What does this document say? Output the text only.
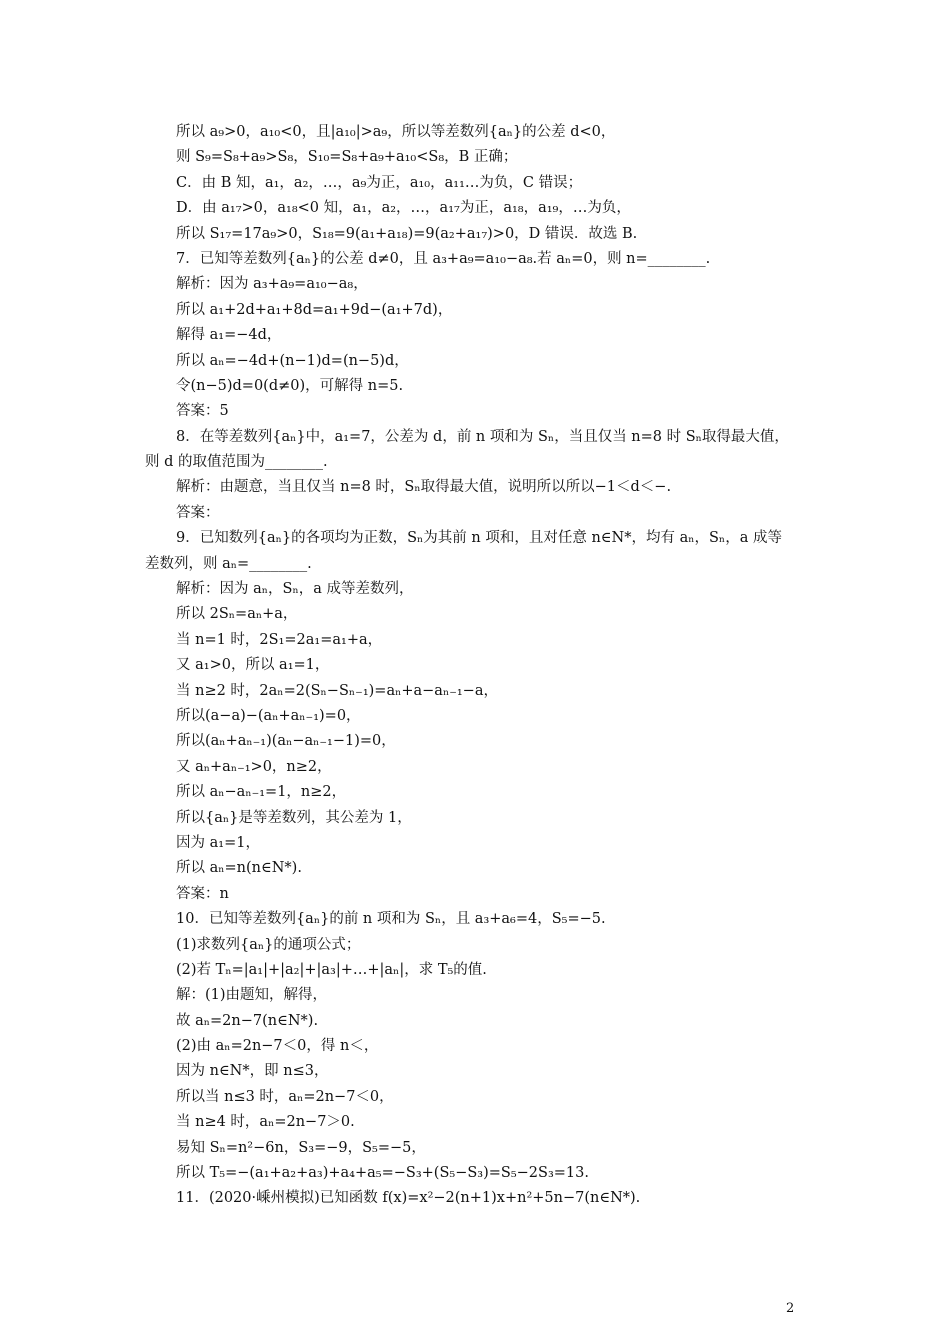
所以 a₉>0，a₁₀<0，且|a₁₀|>a₉，所以等差数列{aₙ}的公差 d<0，
则 S₉=S₈+a₉>S₈，S₁₀=S₈+a₉+a₁₀<S₈，B 正确；
C．由 B 知，a₁，a₂，…，a₉为正，a₁₀，a₁₁…为负，C 错误；
D．由 a₁₇>0，a₁₈<0 知，a₁，a₂，…，a₁₇为正，a₁₈，a₁₉，…为负，
所以 S₁₇=17a₉>0，S₁₈=9(a₁+a₁₈)=9(a₂+a₁₇)>0，D 错误．故选 B.
7．已知等差数列{aₙ}的公差 d≠0，且 a₃+a₉=a₁₀−a₈.若 aₙ=0，则 n=________.
解析：因为 a₃+a₉=a₁₀−a₈，
所以 a₁+2d+a₁+8d=a₁+9d−(a₁+7d)，
解得 a₁=−4d，
所以 aₙ=−4d+(n−1)d=(n−5)d，
令(n−5)d=0(d≠0)，可解得 n=5.
答案：5
8．在等差数列{aₙ}中，a₁=7，公差为 d，前 n 项和为 Sₙ，当且仅当 n=8 时 Sₙ取得最大值，
则 d 的取值范围为________.
解析：由题意，当且仅当 n=8 时，Sₙ取得最大值，说明所以所以−1＜d＜−.
答案：
9．已知数列{aₙ}的各项均为正数，Sₙ为其前 n 项和，且对任意 n∈N*，均有 aₙ，Sₙ，a 成等
差数列，则 aₙ=________.
解析：因为 aₙ，Sₙ，a 成等差数列，
所以 2Sₙ=aₙ+a，
当 n=1 时，2S₁=2a₁=a₁+a，
又 a₁>0，所以 a₁=1，
当 n≥2 时，2aₙ=2(Sₙ−Sₙ₋₁)=aₙ+a−aₙ₋₁−a，
所以(a−a)−(aₙ+aₙ₋₁)=0，
所以(aₙ+aₙ₋₁)(aₙ−aₙ₋₁−1)=0，
又 aₙ+aₙ₋₁>0，n≥2，
所以 aₙ−aₙ₋₁=1，n≥2，
所以{aₙ}是等差数列，其公差为 1，
因为 a₁=1，
所以 aₙ=n(n∈N*).
答案：n
10．已知等差数列{aₙ}的前 n 项和为 Sₙ，且 a₃+a₆=4，S₅=−5.
(1)求数列{aₙ}的通项公式；
(2)若 Tₙ=|a₁|+|a₂|+|a₃|+…+|aₙ|，求 T₅的值.
解：(1)由题知，解得，
故 aₙ=2n−7(n∈N*).
(2)由 aₙ=2n−7＜0，得 n＜，
因为 n∈N*，即 n≤3，
所以当 n≤3 时，aₙ=2n−7＜0，
当 n≥4 时，aₙ=2n−7＞0.
易知 Sₙ=n²−6n，S₃=−9，S₅=−5，
所以 T₅=−(a₁+a₂+a₃)+a₄+a₅=−S₃+(S₅−S₃)=S₅−2S₃=13.
11．(2020·嵊州模拟)已知函数 f(x)=x²−2(n+1)x+n²+5n−7(n∈N*).
2
